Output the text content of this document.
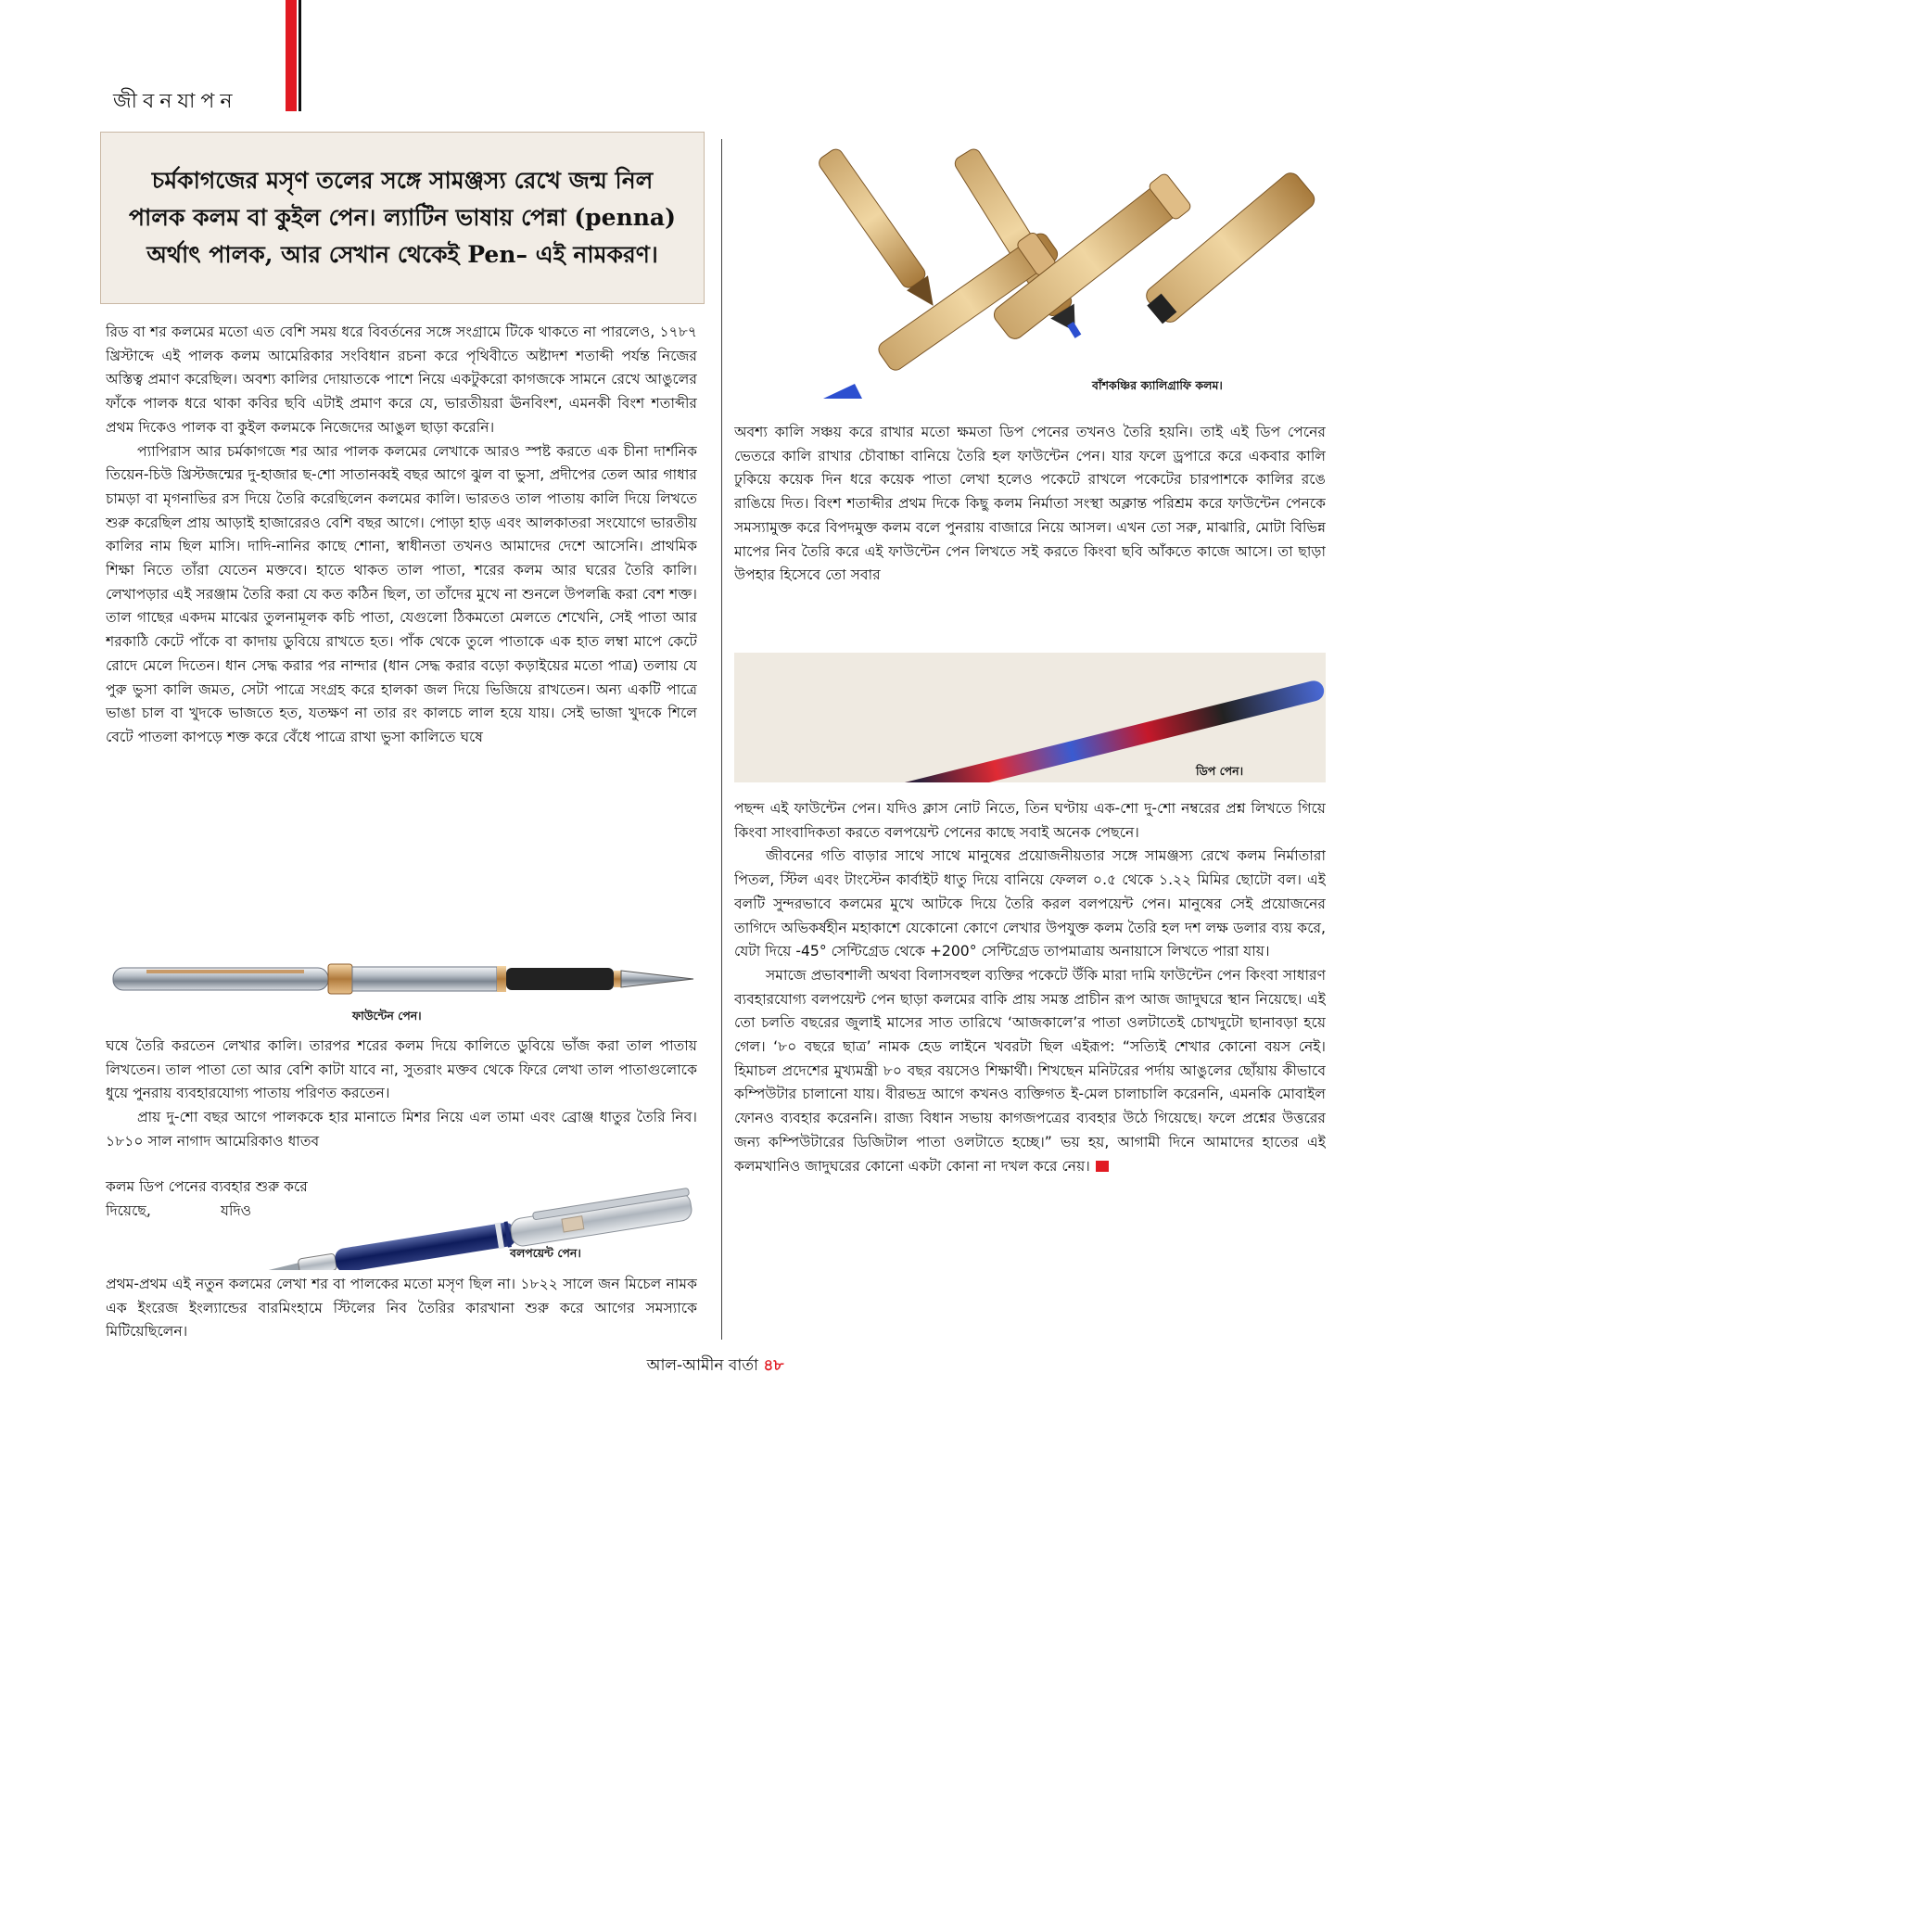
জীবনযাপন

চর্মকাগজের মসৃণ তলের সঙ্গে সামঞ্জস্য রেখে জন্ম নিল পালক কলম বা কুইল পেন। ল্যাটিন ভাষায় পেন্না (penna) অর্থাৎ পালক, আর সেখান থেকেই Pen– এই নামকরণ।

রিড বা শর কলমের মতো এত বেশি সময় ধরে বিবর্তনের সঙ্গে সংগ্রামে টিকে থাকতে না পারলেও, ১৭৮৭ খ্রিস্টাব্দে এই পালক কলম আমেরিকার সংবিধান রচনা করে পৃথিবীতে অষ্টাদশ শতাব্দী পর্যন্ত নিজের অস্তিত্ব প্রমাণ করেছিল। অবশ্য কালির দোয়াতকে পাশে নিয়ে একটুকরো কাগজকে সামনে রেখে আঙুলের ফাঁকে পালক ধরে থাকা কবির ছবি এটাই প্রমাণ করে যে, ভারতীয়রা ঊনবিংশ, এমনকী বিংশ শতাব্দীর প্রথম দিকেও পালক বা কুইল কলমকে নিজেদের আঙুল ছাড়া করেনি।

প্যাপিরাস আর চর্মকাগজে শর আর পালক কলমের লেখাকে আরও স্পষ্ট করতে এক চীনা দার্শনিক তিয়েন-চিউ খ্রিস্টজন্মের দু-হাজার ছ-শো সাতানব্বই বছর আগে ঝুল বা ভুসা, প্রদীপের তেল আর গাধার চামড়া বা মৃগনাভির রস দিয়ে তৈরি করেছিলেন কলমের কালি। ভারতও তাল পাতায় কালি দিয়ে লিখতে শুরু করেছিল প্রায় আড়াই হাজারেরও বেশি বছর আগে। পোড়া হাড় এবং আলকাতরা সংযোগে ভারতীয় কালির নাম ছিল মাসি। দাদি-নানির কাছে শোনা, স্বাধীনতা তখনও আমাদের দেশে আসেনি। প্রাথমিক শিক্ষা নিতে তাঁরা যেতেন মক্তবে। হাতে থাকত তাল পাতা, শরের কলম আর ঘরের তৈরি কালি। লেখাপড়ার এই সরঞ্জাম তৈরি করা যে কত কঠিন ছিল, তা তাঁদের মুখে না শুনলে উপলব্ধি করা বেশ শক্ত। তাল গাছের একদম মাঝের তুলনামূলক কচি পাতা, যেগুলো ঠিকমতো মেলতে শেখেনি, সেই পাতা আর শরকাঠি কেটে পাঁকে বা কাদায় ডুবিয়ে রাখতে হত। পাঁক থেকে তুলে পাতাকে এক হাত লম্বা মাপে কেটে রোদে মেলে দিতেন। ধান সেদ্ধ করার পর নান্দার (ধান সেদ্ধ করার বড়ো কড়াইয়ের মতো পাত্র) তলায় যে পুরু ভুসা কালি জমত, সেটা পাত্রে সংগ্রহ করে হালকা জল দিয়ে ভিজিয়ে রাখতেন। অন্য একটি পাত্রে ভাঙা চাল বা খুদকে ভাজতে হত, যতক্ষণ না তার রং কালচে লাল হয়ে যায়। সেই ভাজা খুদকে শিলে বেটে পাতলা কাপড়ে শক্ত করে বেঁধে পাত্রে রাখা ভুসা কালিতে ঘষে

ফাউন্টেন পেন।

ঘষে তৈরি করতেন লেখার কালি। তারপর শরের কলম দিয়ে কালিতে ডুবিয়ে ভাঁজ করা তাল পাতায় লিখতেন। তাল পাতা তো আর বেশি কাটা যাবে না, সুতরাং মক্তব থেকে ফিরে লেখা তাল পাতাগুলোকে ধুয়ে পুনরায় ব্যবহারযোগ্য পাতায় পরিণত করতেন।

প্রায় দু-শো বছর আগে পালককে হার মানাতে মিশর নিয়ে এল তামা এবং ব্রোঞ্জ ধাতুর তৈরি নিব। ১৮১০ সাল নাগাদ আমেরিকাও ধাতব

কলম ডিপ পেনের ব্যবহার শুরু করে
দিয়েছে,	যদিও
বলপয়েন্ট পেন।

প্রথম-প্রথম এই নতুন কলমের লেখা শর বা পালকের মতো মসৃণ ছিল না। ১৮২২ সালে জন মিচেল নামক এক ইংরেজ ইংল্যান্ডের বারমিংহামে স্টিলের নিব তৈরির কারখানা শুরু করে আগের সমস্যাকে মিটিয়েছিলেন।

বাঁশকঞ্চির ক্যালিগ্রাফি কলম।

অবশ্য কালি সঞ্চয় করে রাখার মতো ক্ষমতা ডিপ পেনের তখনও তৈরি হয়নি। তাই এই ডিপ পেনের ভেতরে কালি রাখার চৌবাচ্চা বানিয়ে তৈরি হল ফাউন্টেন পেন। যার ফলে ড্রপারে করে একবার কালি ঢুকিয়ে কয়েক দিন ধরে কয়েক পাতা লেখা হলেও পকেটে রাখলে পকেটের চারপাশকে কালির রঙে রাঙিয়ে দিত। বিংশ শতাব্দীর প্রথম দিকে কিছু কলম নির্মাতা সংস্থা অক্লান্ত পরিশ্রম করে ফাউন্টেন পেনকে সমস্যামুক্ত করে বিপদমুক্ত কলম বলে পুনরায় বাজারে নিয়ে আসল। এখন তো সরু, মাঝারি, মোটা বিভিন্ন মাপের নিব তৈরি করে এই ফাউন্টেন পেন লিখতে সই করতে কিংবা ছবি আঁকতে কাজে আসে। তা ছাড়া উপহার হিসেবে তো সবার

ডিপ পেন।

পছন্দ এই ফাউন্টেন পেন। যদিও ক্লাস নোট নিতে, তিন ঘণ্টায় এক-শো দু-শো নম্বরের প্রশ্ন লিখতে গিয়ে কিংবা সাংবাদিকতা করতে বলপয়েন্ট পেনের কাছে সবাই অনেক পেছনে।

জীবনের গতি বাড়ার সাথে সাথে মানুষের প্রয়োজনীয়তার সঙ্গে সামঞ্জস্য রেখে কলম নির্মাতারা পিতল, স্টিল এবং টাংস্টেন কার্বাইট ধাতু দিয়ে বানিয়ে ফেলল ০.৫ থেকে ১.২২ মিমির ছোটো বল। এই বলটি সুন্দরভাবে কলমের মুখে আটকে দিয়ে তৈরি করল বলপয়েন্ট পেন। মানুষের সেই প্রয়োজনের তাগিদে অভিকর্ষহীন মহাকাশে যেকোনো কোণে লেখার উপযুক্ত কলম তৈরি হল দশ লক্ষ ডলার ব্যয় করে, যেটা দিয়ে -45° সেন্টিগ্রেড থেকে +200° সেন্টিগ্রেড তাপমাত্রায় অনায়াসে লিখতে পারা যায়।

সমাজে প্রভাবশালী অথবা বিলাসবহুল ব্যক্তির পকেটে উঁকি মারা দামি ফাউন্টেন পেন কিংবা সাধারণ ব্যবহারযোগ্য বলপয়েন্ট পেন ছাড়া কলমের বাকি প্রায় সমস্ত প্রাচীন রূপ আজ জাদুঘরে স্থান নিয়েছে। এই তো চলতি বছরের জুলাই মাসের সাত তারিখে ‘আজকালে’র পাতা ওলটাতেই চোখদুটো ছানাবড়া হয়ে গেল। ‘৮০ বছরে ছাত্র’ নামক হেড লাইনে খবরটা ছিল এইরূপ: “সত্যিই শেখার কোনো বয়স নেই। হিমাচল প্রদেশের মুখ্যমন্ত্রী ৮০ বছর বয়সেও শিক্ষার্থী। শিখছেন মনিটরের পর্দায় আঙুলের ছোঁয়ায় কীভাবে কম্পিউটার চালানো যায়। বীরভদ্র আগে কখনও ব্যক্তিগত ই-মেল চালাচালি করেননি, এমনকি মোবাইল ফোনও ব্যবহার করেননি। রাজ্য বিধান সভায় কাগজপত্রের ব্যবহার উঠে গিয়েছে। ফলে প্রশ্নের উত্তরের জন্য কম্পিউটারের ডিজিটাল পাতা ওলটাতে হচ্ছে।” ভয় হয়, আগামী দিনে আমাদের হাতের এই কলমখানিও জাদুঘরের কোনো একটা কোনা না দখল করে নেয়।

আল-আমীন বার্তা ৪৮
